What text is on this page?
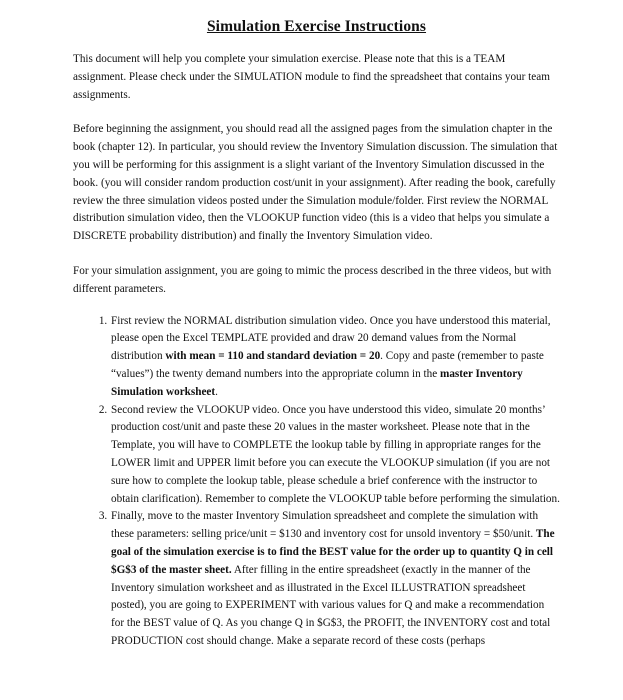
Simulation Exercise Instructions

This document will help you complete your simulation exercise. Please note that this is a TEAM assignment. Please check under the SIMULATION module to find the spreadsheet that contains your team assignments.

Before beginning the assignment, you should read all the assigned pages from the simulation chapter in the book (chapter 12). In particular, you should review the Inventory Simulation discussion. The simulation that you will be performing for this assignment is a slight variant of the Inventory Simulation discussed in the book. (you will consider random production cost/unit in your assignment). After reading the book, carefully review the three simulation videos posted under the Simulation module/folder. First review the NORMAL distribution simulation video, then the VLOOKUP function video (this is a video that helps you simulate a DISCRETE probability distribution) and finally the Inventory Simulation video.

For your simulation assignment, you are going to mimic the process described in the three videos, but with different parameters.

1. First review the NORMAL distribution simulation video. Once you have understood this material, please open the Excel TEMPLATE provided and draw 20 demand values from the Normal distribution with mean = 110 and standard deviation = 20. Copy and paste (remember to paste “values”) the twenty demand numbers into the appropriate column in the master Inventory Simulation worksheet.
2. Second review the VLOOKUP video. Once you have understood this video, simulate 20 months’ production cost/unit and paste these 20 values in the master worksheet. Please note that in the Template, you will have to COMPLETE the lookup table by filling in appropriate ranges for the LOWER limit and UPPER limit before you can execute the VLOOKUP simulation (if you are not sure how to complete the lookup table, please schedule a brief conference with the instructor to obtain clarification). Remember to complete the VLOOKUP table before performing the simulation.
3. Finally, move to the master Inventory Simulation spreadsheet and complete the simulation with these parameters: selling price/unit = $130 and inventory cost for unsold inventory = $50/unit. The goal of the simulation exercise is to find the BEST value for the order up to quantity Q in cell $G$3 of the master sheet. After filling in the entire spreadsheet (exactly in the manner of the Inventory simulation worksheet and as illustrated in the Excel ILLUSTRATION spreadsheet posted), you are going to EXPERIMENT with various values for Q and make a recommendation for the BEST value of Q. As you change Q in $G$3, the PROFIT, the INVENTORY cost and total PRODUCTION cost should change. Make a separate record of these costs (perhaps
